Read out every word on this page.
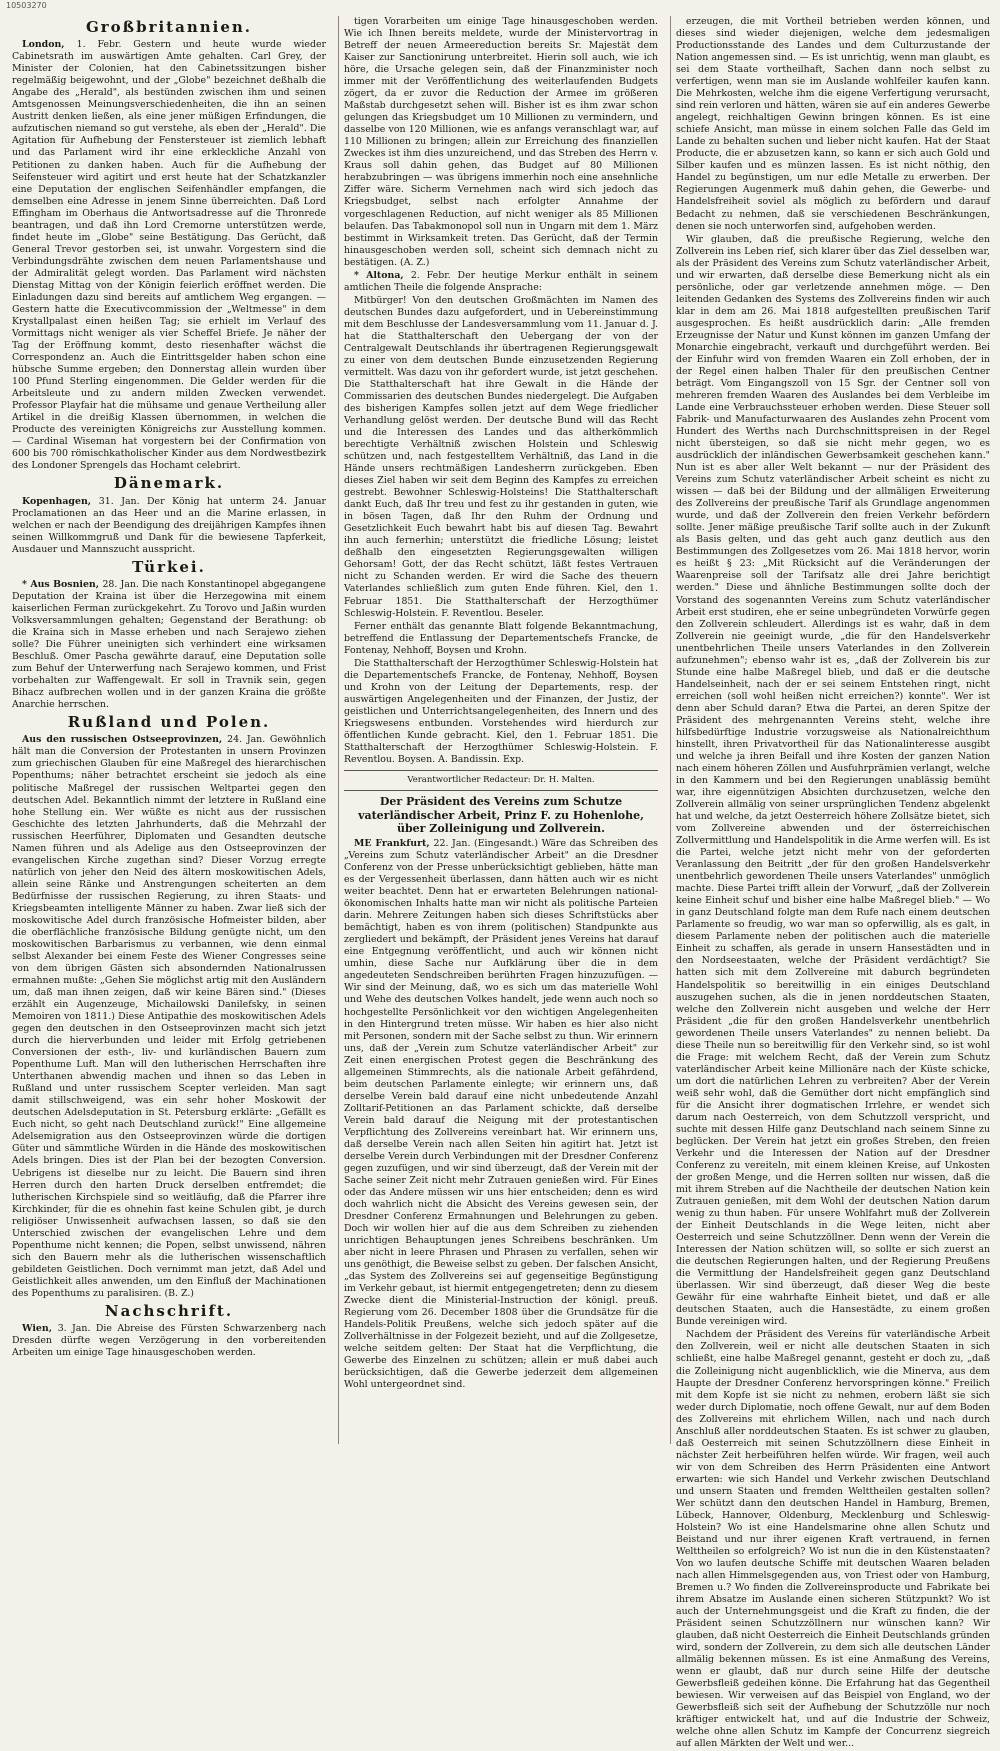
10503270
Großbritannien.

London, 1. Febr. Gestern und heute wurde wieder Cabinetsrath im auswärtigen Amte gehalten. Carl Grey, der Minister der Colonien, hat den Cabinetssitzungen bisher regelmäßig beigewohnt, und der „Globe" bezeichnet deßhalb die Angabe des „Herald", als bestünden zwischen ihm und seinen Amtsgenossen Meinungsverschiedenheiten, die ihn an seinen Austritt denken ließen, als eine jener müßigen Erfindungen, die aufzutischen niemand so gut verstehe, als eben der „Herald". Die Agitation für Aufhebung der Fenstersteuer ist ziemlich lebhaft und das Parlament wird ihr eine erkleckliche Anzahl von Petitionen zu danken haben. Auch für die Aufhebung der Seifensteuer wird agitirt und erst heute hat der Schatzkanzler eine Deputation der englischen Seifenhändler empfangen, die demselben eine Adresse in jenem Sinne überreichten. Daß Lord Effingham im Oberhaus die Antwortsadresse auf die Thronrede beantragen, und daß ihn Lord Cremorne unterstützen werde, findet heute im „Globe" seine Bestätigung. Das Gerücht, daß General Trevor gestorben sei, ist unwahr. Vorgestern sind die Verbindungsdrähte zwischen dem neuen Parlamentshause und der Admiralität gelegt worden. Das Parlament wird nächsten Dienstag Mittag von der Königin feierlich eröffnet werden. Die Einladungen dazu sind bereits auf amtlichem Weg ergangen. — Gestern hatte die Executivcommission der „Weltmesse" in dem Krystallpalast einen heißen Tag; sie erhielt im Verlauf des Vormittags nicht weniger als vier Scheffel Briefe. Je näher der Tag der Eröffnung kommt, desto riesenhafter wächst die Correspondenz an. Auch die Eintrittsgelder haben schon eine hübsche Summe ergeben; den Donnerstag allein wurden über 100 Pfund Sterling eingenommen. Die Gelder werden für die Arbeitsleute und zu andern milden Zwecken verwendet. Professor Playfair hat die mühsame und genaue Vertheilung aller Artikel in die dreißig Klassen übernommen, in welchen die Producte des vereinigten Königreichs zur Ausstellung kommen. — Cardinal Wiseman hat vorgestern bei der Confirmation von 600 bis 700 römischkatholischer Kinder aus dem Nordwestbezirk des Londoner Sprengels das Hochamt celebrirt.

Dänemark.

Kopenhagen, 31. Jan. Der König hat unterm 24. Januar Proclamationen an das Heer und an die Marine erlassen, in welchen er nach der Beendigung des dreijährigen Kampfes ihnen seinen Willkommgruß und Dank für die bewiesene Tapferkeit, Ausdauer und Mannszucht ausspricht.

Türkei.

* Aus Bosnien, 28. Jan. Die nach Konstantinopel abgegangene Deputation der Kraina ist über die Herzegowina mit einem kaiserlichen Ferman zurückgekehrt. Zu Torovo und Jaßin wurden Volksversammlungen gehalten; Gegenstand der Berathung: ob die Kraina sich in Masse erheben und nach Serajewo ziehen solle? Die Führer uneinigten sich verhindert eine wirksamen Beschluß. Omer Pascha gewährte darauf, eine Deputation solle zum Behuf der Unterwerfung nach Serajewo kommen, und Frist vorbehalten zur Waffengewalt. Er soll in Travnik sein, gegen Bihacz aufbrechen wollen und in der ganzen Kraina die größte Anarchie herrschen.

Rußland und Polen.

Aus den russischen Ostseeprovinzen, 24. Jan. Gewöhnlich hält man die Conversion der Protestanten in unsern Provinzen zum griechischen Glauben für eine Maßregel des hierarchischen Popenthums; näher betrachtet erscheint sie jedoch als eine politische Maßregel der russischen Weltpartei gegen den deutschen Adel. Bekanntlich nimmt der letztere in Rußland eine hohe Stellung ein. Wer wüßte es nicht aus der russischen Geschichte des letzten Jahrhunderts, daß die Mehrzahl der russischen Heerführer, Diplomaten und Gesandten deutsche Namen führen und als Adelige aus den Ostseeprovinzen der evangelischen Kirche zugethan sind? Dieser Vorzug erregte natürlich von jeher den Neid des ältern moskowitischen Adels, allein seine Ränke und Anstrengungen scheiterten an dem Bedürfnisse der russischen Regierung, zu ihren Staats- und Kriegsbeamten intelligente Männer zu haben. Zwar ließ sich der moskowitische Adel durch französische Hofmeister bilden, aber die oberflächliche französische Bildung genügte nicht, um den moskowitischen Barbarismus zu verbannen, wie denn einmal selbst Alexander bei einem Feste des Wiener Congresses seine von dem übrigen Gästen sich absondernden Nationalrussen ermahnen mußte: „Gehen Sie möglichst artig mit den Ausländern um, daß man ihnen zeigen, daß wir keine Bären sind." (Dieses erzählt ein Augenzeuge, Michailowski Danilefsky, in seinen Memoiren von 1811.) Diese Antipathie des moskowitischen Adels gegen den deutschen in den Ostseeprovinzen macht sich jetzt durch die hierverbunden und leider mit Erfolg getriebenen Conversionen der esth-, liv- und kurländischen Bauern zum Popenthume Luft. Man will den lutherischen Herrschaften ihre Unterthanen abwendig machen und ihnen so das Leben in Rußland und unter russischem Scepter verleiden. Man sagt damit stillschweigend, was ein sehr hoher Moskowit der deutschen Adelsdeputation in St. Petersburg erklärte: „Gefällt es Euch nicht, so geht nach Deutschland zurück!" Eine allgemeine Adelsemigration aus den Ostseeprovinzen würde die dortigen Güter und sämmtliche Würden in die Hände des moskowitischen Adels bringen. Dies ist der Plan bei der bezogten Conversion. Uebrigens ist dieselbe nur zu leicht. Die Bauern sind ihren Herren durch den harten Druck derselben entfremdet; die lutherischen Kirchspiele sind so weitläufig, daß die Pfarrer ihre Kirchkinder, für die es ohnehin fast keine Schulen gibt, je durch religiöser Unwissenheit aufwachsen lassen, so daß sie den Unterschied zwischen der evangelischen Lehre und dem Popenthume nicht kennen; die Popen, selbst unwissend, nähren sich den Bauern mehr als die lutherischen wissenschaftlich gebildeten Geistlichen. Doch vernimmt man jetzt, daß Adel und Geistlichkeit alles anwenden, um den Einfluß der Machinationen des Popenthums zu paralisiren. (B. Z.)

Nachschrift.

Wien, 3. Jan. Die Abreise des Fürsten Schwarzenberg nach Dresden dürfte wegen Verzögerung in den vorbereitenden Arbeiten um einige Tage hinausgeschoben werden.

tigen Vorarbeiten um einige Tage hinausgeschoben werden. Wie ich Ihnen bereits meldete, wurde der Ministervortrag in Betreff der neuen Armeereduction bereits Sr. Majestät dem Kaiser zur Sanctionirung unterbreitet. Hierin soll auch, wie ich höre, die Ursache gelegen sein, daß der Finanzminister noch immer mit der Veröffentlichung des weiterlaufenden Budgets zögert, da er zuvor die Reduction der Armee im größeren Maßstab durchgesetzt sehen will. Bisher ist es ihm zwar schon gelungen das Kriegsbudget um 10 Millionen zu vermindern, und dasselbe von 120 Millionen, wie es anfangs veranschlagt war, auf 110 Millionen zu bringen; allein zur Erreichung des finanziellen Zweckes ist ihm dies unzureichend, und das Streben des Herrn v. Kraus soll dahin gehen, das Budget auf 80 Millionen herabzubringen — was übrigens immerhin noch eine ansehnliche Ziffer wäre. Sicherm Vernehmen nach wird sich jedoch das Kriegsbudget, selbst nach erfolgter Annahme der vorgeschlagenen Reduction, auf nicht weniger als 85 Millionen belaufen. Das Tabakmonopol soll nun in Ungarn mit dem 1. März bestimmt in Wirksamkeit treten. Das Gerücht, daß der Termin hinausgeschoben werden soll, scheint sich demnach nicht zu bestätigen. (A. Z.)

* Altona, 2. Febr. Der heutige Merkur enthält in seinem amtlichen Theile die folgende Ansprache:

Mitbürger! Von den deutschen Großmächten im Namen des deutschen Bundes dazu aufgefordert, und in Uebereinstimmung mit dem Beschlusse der Landesversammlung vom 11. Januar d. J. hat die Statthalterschaft den Uebergang der von der Centralgewalt Deutschlands ihr übertragenen Regierungsgewalt zu einer von dem deutschen Bunde einzusetzenden Regierung vermittelt. Was dazu von ihr gefordert wurde, ist jetzt geschehen. Die Statthalterschaft hat ihre Gewalt in die Hände der Commissarien des deutschen Bundes niedergelegt. Die Aufgaben des bisherigen Kampfes sollen jetzt auf dem Wege friedlicher Verhandlung gelöst werden. Der deutsche Bund will das Recht und die Interessen des Landes und das altherkömmlich berechtigte Verhältniß zwischen Holstein und Schleswig schützen und, nach festgestelltem Verhältniß, das Land in die Hände unsers rechtmäßigen Landesherrn zurückgeben. Eben dieses Ziel haben wir seit dem Beginn des Kampfes zu erreichen gestrebt. Bewohner Schleswig-Holsteins! Die Statthalterschaft dankt Euch, daß Ihr treu und fest zu ihr gestanden in guten, wie in bösen Tagen, daß Ihr den Ruhm der Ordnung und Gesetzlichkeit Euch bewahrt habt bis auf diesen Tag. Bewahrt ihn auch fernerhin; unterstützt die friedliche Lösung; leistet deßhalb den eingesetzten Regierungsgewalten willigen Gehorsam! Gott, der das Recht schützt, läßt festes Vertrauen nicht zu Schanden werden. Er wird die Sache des theuern Vaterlandes schließlich zum guten Ende führen. Kiel, den 1. Februar 1851. Die Statthalterschaft der Herzogthümer Schleswig-Holstein. F. Reventlou. Beseler.

Ferner enthält das genannte Blatt folgende Bekanntmachung, betreffend die Entlassung der Departementschefs Francke, de Fontenay, Nehhoff, Boysen und Krohn.

Die Statthalterschaft der Herzogthümer Schleswig-Holstein hat die Departementschefs Francke, de Fontenay, Nehhoff, Boysen und Krohn von der Leitung der Departements, resp. der auswärtigen Angelegenheiten und der Finanzen, der Justiz, der geistlichen und Unterrichtsangelegenheiten, des Innern und des Kriegswesens entbunden. Vorstehendes wird hierdurch zur öffentlichen Kunde gebracht. Kiel, den 1. Februar 1851. Die Statthalterschaft der Herzogthümer Schleswig-Holstein. F. Reventlou. Boysen. A. Bandissin. Exp.

Verantwortlicher Redacteur: Dr. H. Malten.
Der Präsident des Vereins zum Schutze vaterländischer Arbeit, Prinz F. zu Hohenlohe, über Zolleinigung und Zollverein.

ME Frankfurt, 22. Jan. (Eingesandt.) Wäre das Schreiben des „Vereins zum Schutz vaterländischer Arbeit" an die Dresdner Conferenz von der Presse unberücksichtigt geblieben, hätte man es der Vergessenheit überlassen, dann hätten auch wir es nicht weiter beachtet. Denn hat er erwarteten Belehrungen national-ökonomischen Inhalts hatte man wir nicht als politische Parteien darin. Mehrere Zeitungen haben sich dieses Schriftstücks aber bemächtigt, haben es von ihrem (politischen) Standpunkte aus zergliedert und bekämpft, der Präsident jenes Vereins hat darauf eine Entgegnung veröffentlicht, und auch wir können nicht umhin, diese Sache nur Aufklärung über die in dem angedeuteten Sendschreiben berührten Fragen hinzuzufügen. — Wir sind der Meinung, daß, wo es sich um das materielle Wohl und Wehe des deutschen Volkes handelt, jede wenn auch noch so hochgestellte Persönlichkeit vor den wichtigen Angelegenheiten in den Hintergrund treten müsse. Wir haben es hier also nicht mit Personen, sondern mit der Sache selbst zu thun. Wir erinnern uns, daß der „Verein zum Schutze vaterländischer Arbeit" zur Zeit einen energischen Protest gegen die Beschränkung des allgemeinen Stimmrechts, als die nationale Arbeit gefährdend, beim deutschen Parlamente einlegte; wir erinnern uns, daß derselbe Verein bald darauf eine nicht unbedeutende Anzahl Zolltarif-Petitionen an das Parlament schickte, daß derselbe Verein bald darauf die Neigung mit der protestantischen Verpflichtung des Zollvereins vereinbart hat. Wir erinnern uns, daß derselbe Verein nach allen Seiten hin agitirt hat. Jetzt ist derselbe Verein durch Verbindungen mit der Dresdner Conferenz gegen zuzufügen, und wir sind überzeugt, daß der Verein mit der Sache seiner Zeit nicht mehr Zutrauen genießen wird. Für Eines oder das Andere müssen wir uns hier entscheiden; denn es wird doch wahrlich nicht die Absicht des Vereins gewesen sein, der Dresdner Conferenz Ermahnungen und Belehrungen zu geben. Doch wir wollen hier auf die aus dem Schreiben zu ziehenden unrichtigen Behauptungen jenes Schreibens beschränken. Um aber nicht in leere Phrasen und Phrasen zu verfallen, sehen wir uns genöthigt, die Beweise selbst zu geben. Der falschen Ansicht, „das System des Zollvereins sei auf gegenseitige Begünstigung im Verkehr gebaut, ist hiermit entgegengetreten; denn zu diesem Zwecke dient die Ministerial-Instruction der königl. preuß. Regierung vom 26. December 1808 über die Grundsätze für die Handels-Politik Preußens, welche sich jedoch später auf die Zollverhältnisse in der Folgezeit bezieht, und auf die Zollgesetze, welche seitdem gelten: Der Staat hat die Verpflichtung, die Gewerbe des Einzelnen zu schützen; allein er muß dabei auch berücksichtigen, daß die Gewerbe jederzeit dem allgemeinen Wohl untergeordnet sind.

erzeugen, die mit Vortheil betrieben werden können, und dieses sind wieder diejenigen, welche dem jedesmaligen Productionsstande des Landes und dem Culturzustande der Nation angemessen sind. — Es ist unrichtig, wenn man glaubt, es sei dem Staate vortheilhaft, Sachen dann noch selbst zu verfertigen, wenn man sie im Auslande wohlfeiler kaufen kann. Die Mehrkosten, welche ihm die eigene Verfertigung verursacht, sind rein verloren und hätten, wären sie auf ein anderes Gewerbe angelegt, reichhaltigen Gewinn bringen können. Es ist eine schiefe Ansicht, man müsse in einem solchen Falle das Geld im Lande zu behalten suchen und lieber nicht kaufen. Hat der Staat Producte, die er abzusetzen kann, so kann er sich auch Gold und Silber kaufen und es münzen lassen. Es ist nicht nöthig, den Handel zu begünstigen, um nur edle Metalle zu erwerben. Der Regierungen Augenmerk muß dahin gehen, die Gewerbe- und Handelsfreiheit soviel als möglich zu befördern und darauf Bedacht zu nehmen, daß sie verschiedenen Beschränkungen, denen sie noch unterworfen sind, aufgehoben werden.

Wir glauben, daß die preußische Regierung, welche den Zollverein ins Leben rief, sich klarer über das Ziel desselben war, als der Präsident des Vereins zum Schutz vaterländischer Arbeit, und wir erwarten, daß derselbe diese Bemerkung nicht als ein persönliche, oder gar verletzende annehmen möge. — Den leitenden Gedanken des Systems des Zollvereins finden wir auch klar in dem am 26. Mai 1818 aufgestellten preußischen Tarif ausgesprochen. Es heißt ausdrücklich darin: „Alle fremden Erzeugnisse der Natur und Kunst können im ganzen Umfang der Monarchie eingebracht, verkauft und durchgeführt werden. Bei der Einfuhr wird von fremden Waaren ein Zoll erhoben, der in der Regel einen halben Thaler für den preußischen Centner beträgt. Vom Eingangszoll von 15 Sgr. der Centner soll von mehreren fremden Waaren des Auslandes bei dem Verbleibe im Lande eine Verbrauchssteuer erhoben werden. Diese Steuer soll Fabrik- und Manufacturwaaren des Auslandes zehn Procent vom Hundert des Werths nach Durchschnittspreisen in der Regel nicht übersteigen, so daß sie nicht mehr gegen, wo es ausdrücklich der inländischen Gewerbsamkeit geschehen kann." Nun ist es aber aller Welt bekannt — nur der Präsident des Vereins zum Schutz vaterländischer Arbeit scheint es nicht zu wissen — daß bei der Bildung und der allmäligen Erweiterung des Zollvereins der preußische Tarif als Grundlage angenommen wurde, und daß der Zollverein den freien Verkehr befördern sollte. Jener mäßige preußische Tarif sollte auch in der Zukunft als Basis gelten, und das geht auch ganz deutlich aus den Bestimmungen des Zollgesetzes vom 26. Mai 1818 hervor, worin es heißt § 23: „Mit Rücksicht auf die Veränderungen der Waarenpreise soll der Tarifsatz alle drei Jahre berichtigt werden." Diese und ähnliche Bestimmungen sollte doch der Vorstand des sogenannten Vereins zum Schutz vaterländischer Arbeit erst studiren, ehe er seine unbegründeten Vorwürfe gegen den Zollverein schleudert. Allerdings ist es wahr, daß in dem Zollverein nie geeinigt wurde, „die für den Handelsverkehr unentbehrlichen Theile unsers Vaterlandes in den Zollverein aufzunehmen"; ebenso wahr ist es, „daß der Zollverein bis zur Stunde eine halbe Maßregel blieb, und daß er die deutsche Handelseinheit, nach der er sei seinem Entstehen ringt, nicht erreichen (soll wohl heißen nicht erreichen?) konnte". Wer ist denn aber Schuld daran? Etwa die Partei, an deren Spitze der Präsident des mehrgenannten Vereins steht, welche ihre hilfsbedürftige Industrie vorzugsweise als Nationalreichthum hinstellt, ihren Privatvortheil für das Nationalinteresse ausgibt und welche ja ihren Beifall und ihre Kosten der ganzen Nation nach einem höheren Zöllen und Ausfuhrprämien verlangt, welche in den Kammern und bei den Regierungen unablässig bemüht war, ihre eigennützigen Absichten durchzusetzen, welche den Zollverein allmälig von seiner ursprünglichen Tendenz abgelenkt hat und welche, da jetzt Oesterreich höhere Zollsätze bietet, sich vom Zollvereine abwenden und der österreichischen Zollvermittlung und Handelspolitik in die Arme werfen will. Es ist die Partei, welche jetzt nicht mehr von der geforderten Veranlassung den Beitritt „der für den großen Handelsverkehr unentbehrlich gewordenen Theile unsers Vaterlandes" unmöglich machte. Diese Partei trifft allein der Vorwurf, „daß der Zollverein keine Einheit schuf und bisher eine halbe Maßregel blieb." — Wo in ganz Deutschland folgte man dem Rufe nach einem deutschen Parlamente so freudig, wo war man so opferwillig, als es galt, in diesem Parlamente neben der politischen auch die materielle Einheit zu schaffen, als gerade in unsern Hansestädten und in den Nordseestaaten, welche der Präsident verdächtigt? Sie hatten sich mit dem Zollvereine mit daburch begründeten Handelspolitik so bereitwillig in ein einiges Deutschland auszugehen suchen, als die in jenen norddeutschen Staaten, welche den Zollverein nicht ausgeben und welche der Herr Präsident „die für den großen Handelsverkehr unentbehrlich gewordenen Theile unsers Vaterlandes" zu nennen beliebt. Da diese Theile nun so bereitwillig für den Verkehr sind, so ist wohl die Frage: mit welchem Recht, daß der Verein zum Schutz vaterländischer Arbeit keine Millionäre nach der Küste schicke, um dort die natürlichen Lehren zu verbreiten? Aber der Verein weiß sehr wohl, daß die Gemüther dort nicht empfänglich sind für die Ansicht ihrer dogmatischen Irrlehre, er wendet sich darum nach Oesterreich, von dem Schutzzoll verspricht, und suchte mit dessen Hilfe ganz Deutschland nach seinem Sinne zu beglücken. Der Verein hat jetzt ein großes Streben, den freien Verkehr und die Interessen der Nation auf der Dresdner Conferenz zu vereiteln, mit einem kleinen Kreise, auf Unkosten der großen Menge, und die Herren sollten nur wissen, daß die mit ihrem Streben auf die Nachtheile der deutschen Nation kein Zutrauen genießen, mit dem Wohl der deutschen Nation darum wenig zu thun haben. Für unsere Wohlfahrt muß der Zollverein der Einheit Deutschlands in die Wege leiten, nicht aber Oesterreich und seine Schutzzöllner. Denn wenn der Verein die Interessen der Nation schützen will, so sollte er sich zuerst an die deutschen Regierungen halten, und der Regierung Preußens die Vermittlung der Handelsfreiheit gegen ganz Deutschland überlassen. Wir sind überzeugt, daß dieser Weg die beste Gewähr für eine wahrhafte Einheit bietet, und daß er alle deutschen Staaten, auch die Hansestädte, zu einem großen Bunde vereinigen wird.

Nachdem der Präsident des Vereins für vaterländische Arbeit den Zollverein, weil er nicht alle deutschen Staaten in sich schließt, eine halbe Maßregel genannt, gesteht er doch zu, „daß die Zolleinigung nicht augenblicklich, wie die Minerva, aus dem Haupte der Dresdner Conferenz hervorspringen könne." Freilich mit dem Kopfe ist sie nicht zu nehmen, erobern läßt sie sich weder durch Diplomatie, noch offene Gewalt, nur auf dem Boden des Zollvereins mit ehrlichem Willen, nach und nach durch Anschluß aller norddeutschen Staaten. Es ist schwer zu glauben, daß Oesterreich mit seinen Schutzzöllnern diese Einheit in nächster Zeit herbeiführen helfen würde. Wir fragen, weil auch wir von dem Schreiben des Herrn Präsidenten eine Antwort erwarten: wie sich Handel und Verkehr zwischen Deutschland und unsern Staaten und fremden Welttheilen gestalten sollen? Wer schützt dann den deutschen Handel in Hamburg, Bremen, Lübeck, Hannover, Oldenburg, Mecklenburg und Schleswig-Holstein? Wo ist eine Handelsmarine ohne allen Schutz und Beistand und nur ihrer eigenen Kraft vertrauend, in fernen Welttheilen so erfolgreich? Wo ist nun die in den Küstenstaaten? Von wo laufen deutsche Schiffe mit deutschen Waaren beladen nach allen Himmelsgegenden aus, von Triest oder von Hamburg, Bremen u.? Wo finden die Zollvereinsproducte und Fabrikate bei ihrem Absatze im Auslande einen sicheren Stützpunkt? Wo ist auch der Unternehmungsgeist und die Kraft zu finden, die der Präsident seinen Schutzzöllnern nur wünschen kann? Wir glauben, daß nicht Oesterreich die Einheit Deutschlands gründen wird, sondern der Zollverein, zu dem sich alle deutschen Länder allmälig bekennen müssen. Es ist eine Anmaßung des Vereins, wenn er glaubt, daß nur durch seine Hilfe der deutsche Gewerbsfleiß gedeihen könne. Die Erfahrung hat das Gegentheil bewiesen. Wir verweisen auf das Beispiel von England, wo der Gewerbsfleiß sich seit der Aufhebung der Schutzzölle nur noch kräftiger entwickelt hat, und auf die Industrie der Schweiz, welche ohne allen Schutz im Kampfe der Concurrenz siegreich auf allen Märkten der Welt und wer...
